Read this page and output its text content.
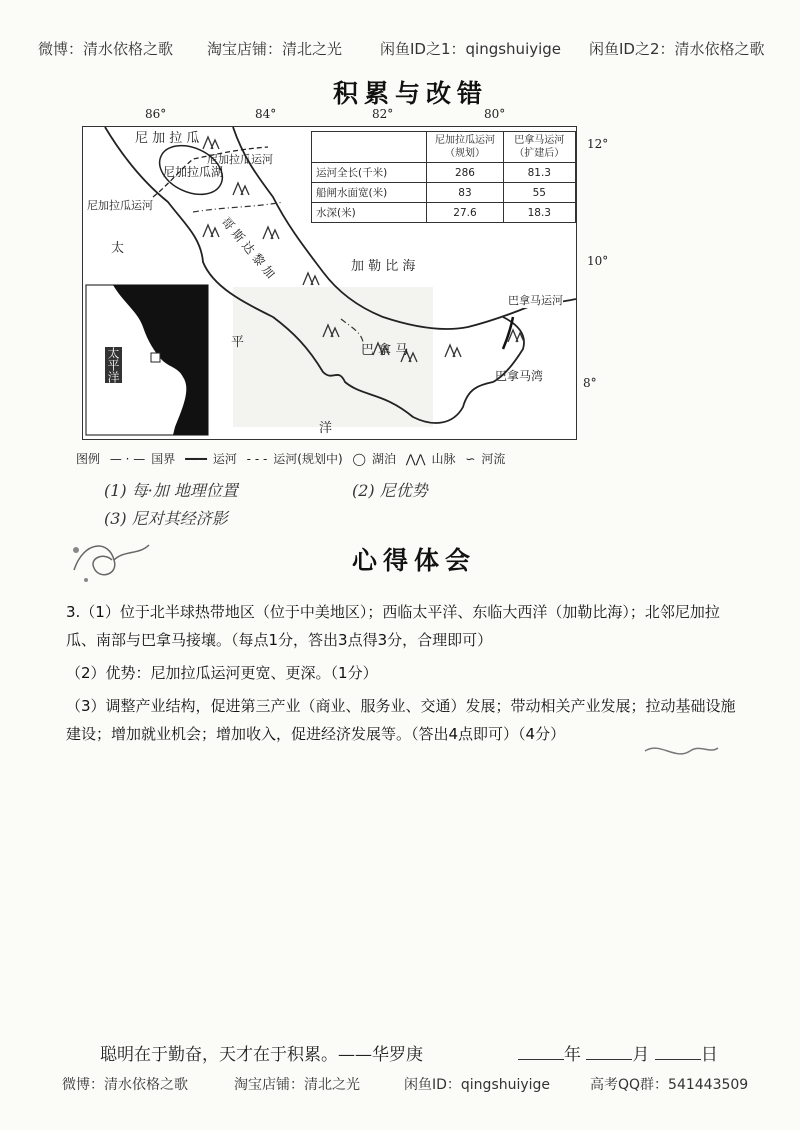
微博：清水依格之歌 淘宝店铺：清北之光	闲鱼ID之1：qingshuiyige 闲鱼ID之2：清水依格之歌
积累与改错
86°	84°	82°	80°
12°
10°
8°
	尼加拉瓜运河（规划）	巴拿马运河（扩建后）
运河全长(千米)	286	81.3
船闸水面宽(米)	83	55
水深(米)	27.6	18.3
尼 加 拉 瓜
尼加拉瓜湖
尼加拉瓜运河
尼加拉瓜运河
哥 斯 达 黎 加	加 勒 比 海
巴拿马运河
巴 拿 马
巴拿马湾
太
平
洋
太平洋
图例 — · — 国界 ━━━ 运河 - - - 运河(规划中) ◯ 湖泊 ⋀⋀ 山脉 ∽ 河流
(1) 每·加 地理位置	(2) 尼优势
(3) 尼对其经济影
心得体会

3.（1）位于北半球热带地区（位于中美地区）；西临太平洋、东临大西洋（加勒比海）；北邻尼加拉瓜、南部与巴拿马接壤。（每点1分，答出3点得3分，合理即可）

（2）优势：尼加拉瓜运河更宽、更深。（1分）

（3）调整产业结构，促进第三产业（商业、服务业、交通）发展；带动相关产业发展；拉动基础设施建设；增加就业机会；增加收入，促进经济发展等。（答出4点即可）（4分）

聪明在于勤奋，天才在于积累。——华罗庚	年	月	日
微博：清水依格之歌	淘宝店铺：清北之光	闲鱼ID：qingshuiyige	高考QQ群：541443509
